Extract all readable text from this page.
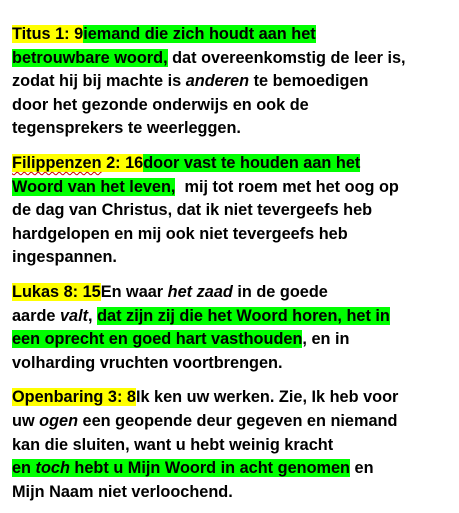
Titus 1: 9iemand die zich houdt aan het
betrouwbare woord, dat overeenkomstig de leer is,
zodat hij bij machte is anderen te bemoedigen
door het gezonde onderwijs en ook de
tegensprekers te weerleggen.
Filippenzen 2: 16door vast te houden aan het
Woord van het leven,  mij tot roem met het oog op
de dag van Christus, dat ik niet tevergeefs heb
hardgelopen en mij ook niet tevergeefs heb
ingespannen.
Lukas 8: 15En waar het zaad in de goede
aarde valt, dat zijn zij die het Woord horen, het in
een oprecht en goed hart vasthouden, en in
volharding vruchten voortbrengen.
Openbaring 3: 8Ik ken uw werken. Zie, Ik heb voor
uw ogen een geopende deur gegeven en niemand
kan die sluiten, want u hebt weinig kracht
en toch hebt u Mijn Woord in acht genomen en
Mijn Naam niet verloochend.
